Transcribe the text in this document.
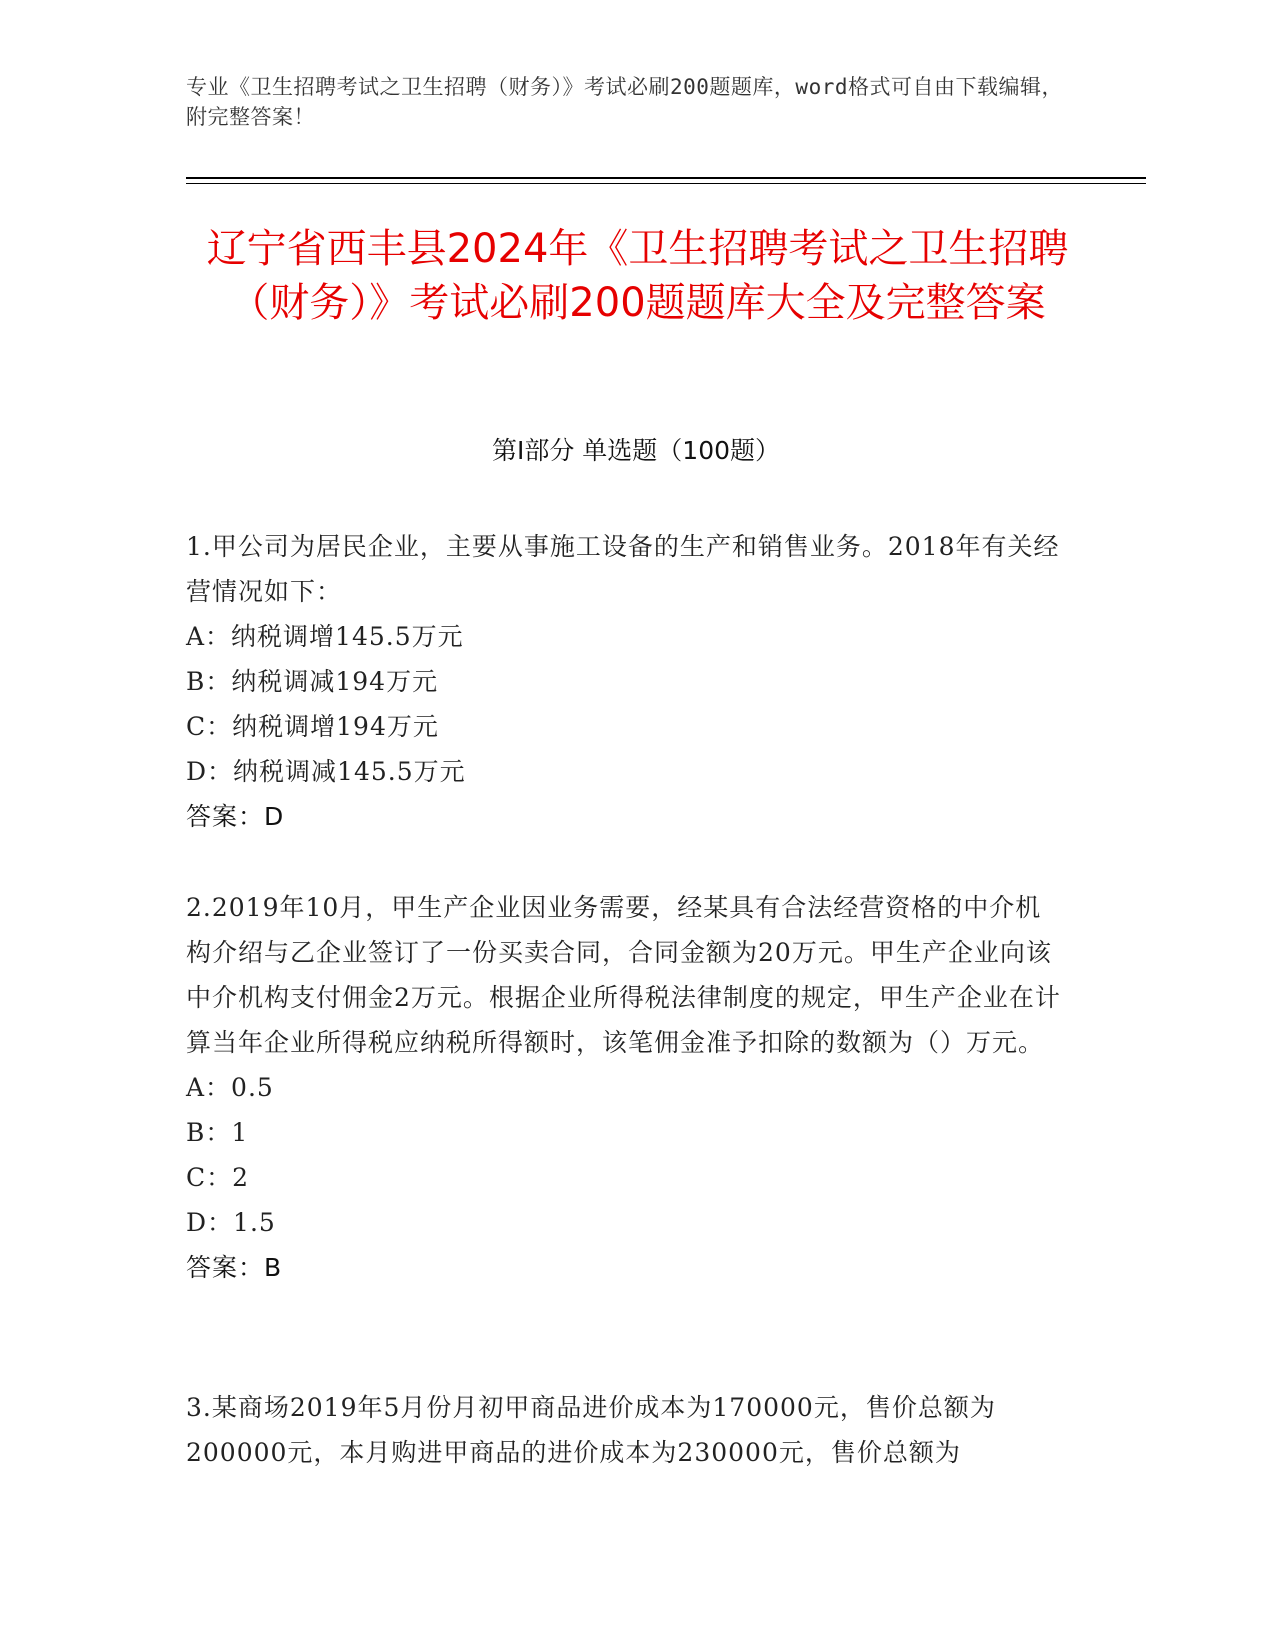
专业《卫生招聘考试之卫生招聘（财务）》考试必刷200题题库，word格式可自由下载编辑，附完整答案！
辽宁省西丰县2024年《卫生招聘考试之卫生招聘（财务）》考试必刷200题题库大全及完整答案
第Ⅰ部分 单选题（100题）

1.甲公司为居民企业，主要从事施工设备的生产和销售业务。2018年有关经营情况如下：

A：纳税调增145.5万元

B：纳税调减194万元

C：纳税调增194万元

D：纳税调减145.5万元

答案：D

2.2019年10月，甲生产企业因业务需要，经某具有合法经营资格的中介机构介绍与乙企业签订了一份买卖合同，合同金额为20万元。甲生产企业向该中介机构支付佣金2万元。根据企业所得税法律制度的规定，甲生产企业在计算当年企业所得税应纳税所得额时，该笔佣金准予扣除的数额为（）万元。

A：0.5

B：1

C：2

D：1.5

答案：B

3.某商场2019年5月份月初甲商品进价成本为170000元，售价总额为200000元，本月购进甲商品的进价成本为230000元，售价总额为
